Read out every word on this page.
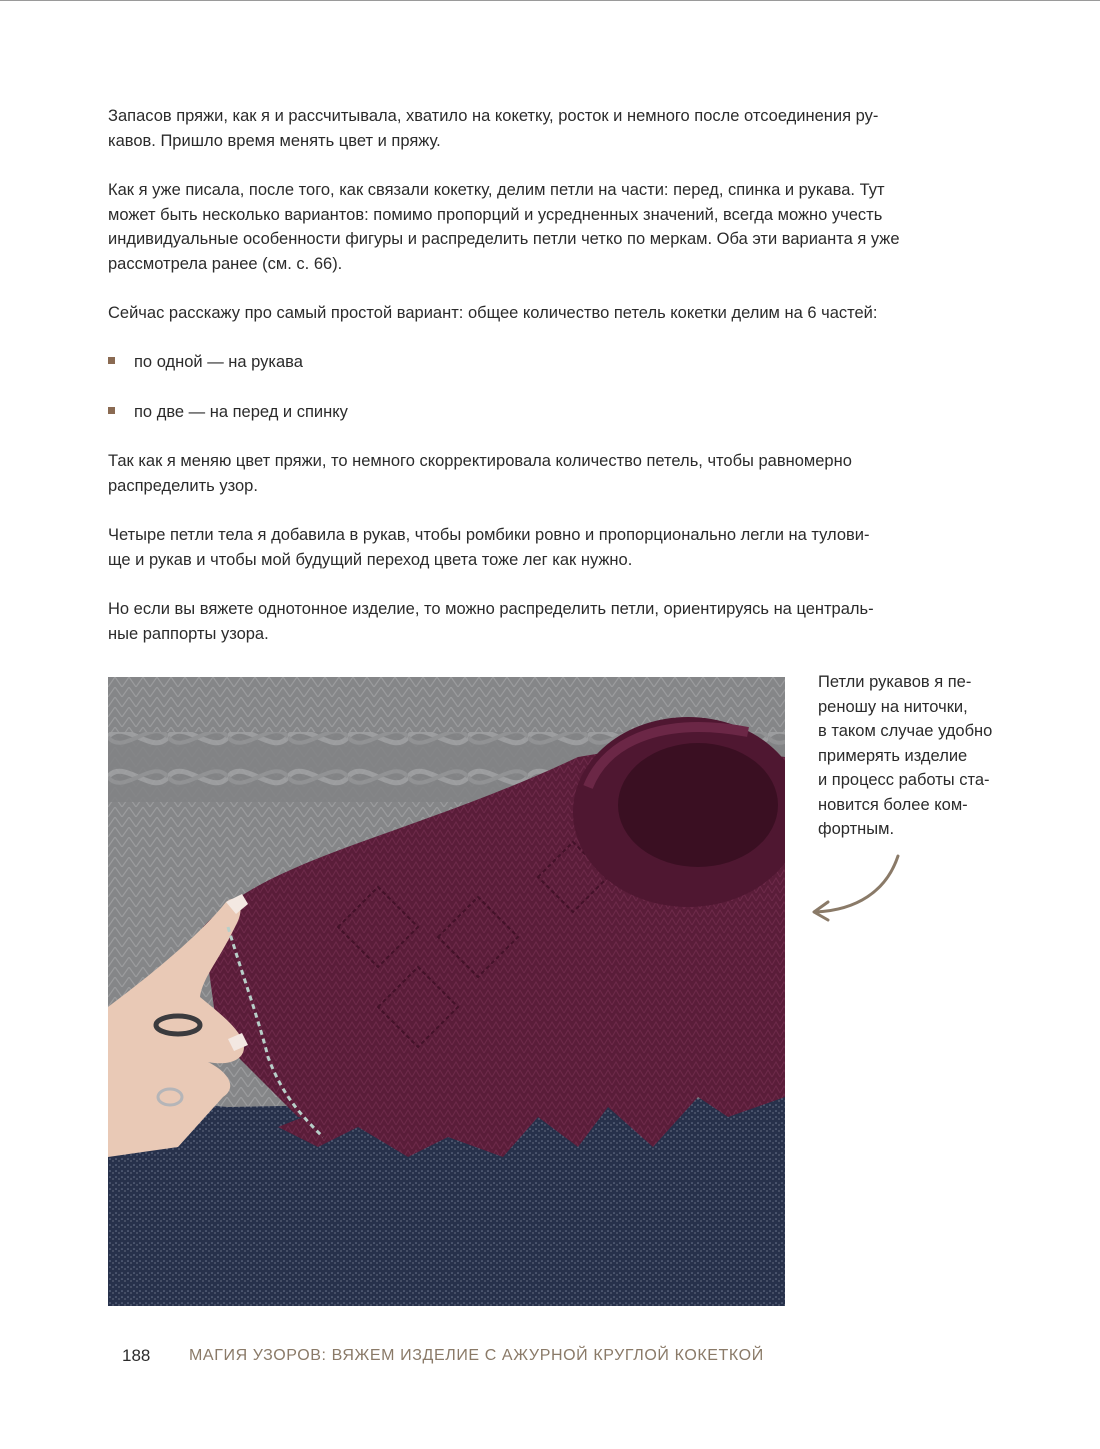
Запасов пряжи, как я и рассчитывала, хватило на кокетку, росток и немного после отсоединения ру-
кавов. Пришло время менять цвет и пряжу.

Как я уже писала, после того, как связали кокетку, делим петли на части: перед, спинка и рукава. Тут
может быть несколько вариантов: помимо пропорций и усредненных значений, всегда можно учесть
индивидуальные особенности фигуры и распределить петли четко по меркам. Оба эти варианта я уже
рассмотрела ранее (см. с. 66).

Сейчас расскажу про самый простой вариант: общее количество петель кокетки делим на 6 частей:

по одной — на рукава
по две — на перед и спинку

Так как я меняю цвет пряжи, то немного скорректировала количество петель, чтобы равномерно
распределить узор.

Четыре петли тела я добавила в рукав, чтобы ромбики ровно и пропорционально легли на тулови-
ще и рукав и чтобы мой будущий переход цвета тоже лег как нужно.

Но если вы вяжете однотонное изделие, то можно распределить петли, ориентируясь на централь-
ные раппорты узора.

Петли рукавов я пе-
реношу на ниточки,
в таком случае удобно
примерять изделие
и процесс работы ста-
новится более ком-
фортным.
188 МАГИЯ УЗОРОВ: ВЯЖЕМ ИЗДЕЛИЕ С АЖУРНОЙ КРУГЛОЙ КОКЕТКОЙ
